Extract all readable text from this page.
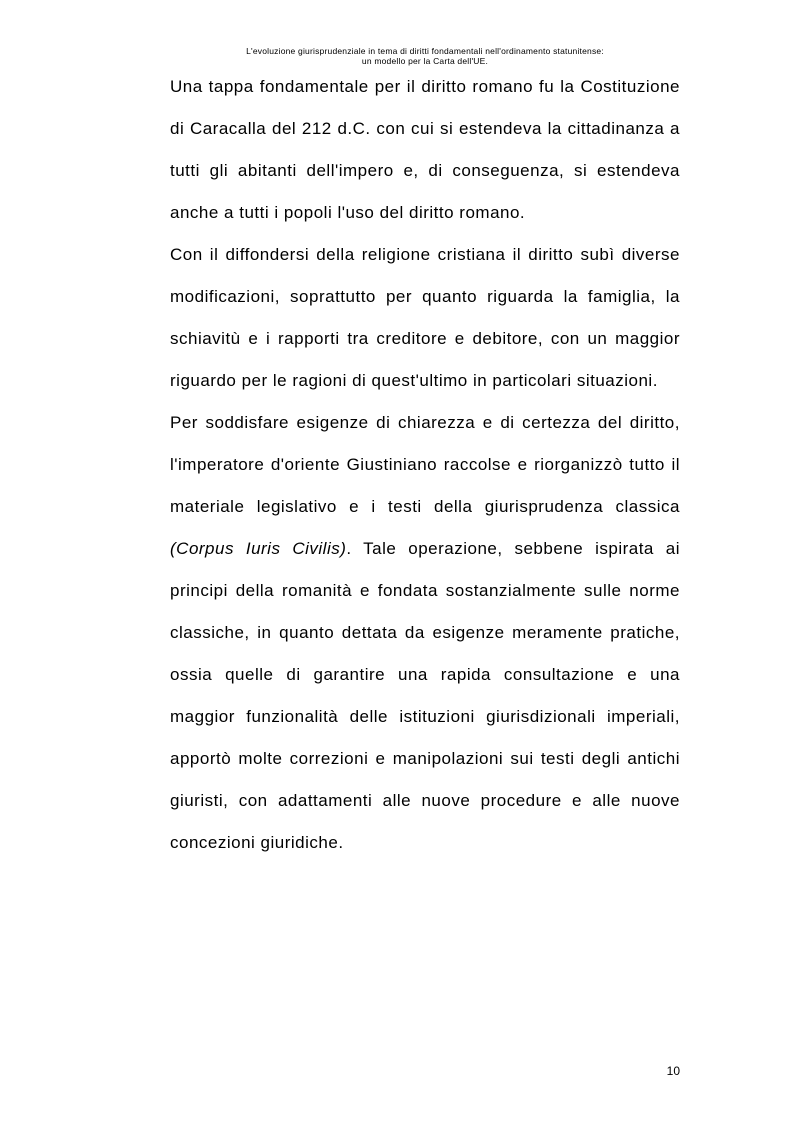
L'evoluzione giurisprudenziale in tema di diritti fondamentali nell'ordinamento statunitense:
un modello per la Carta dell'UE.

Una tappa fondamentale per il diritto romano fu la Costituzione di Caracalla del 212 d.C. con cui si estendeva la cittadinanza a tutti gli abitanti dell'impero e, di conseguenza, si estendeva anche a tutti i popoli l'uso del diritto romano.

Con il diffondersi della religione cristiana il diritto subì diverse modificazioni, soprattutto per quanto riguarda la famiglia, la schiavitù e i rapporti tra creditore e debitore, con un maggior riguardo per le ragioni di quest'ultimo in particolari situazioni.

Per soddisfare esigenze di chiarezza e di certezza del diritto, l'imperatore d'oriente Giustiniano raccolse e riorganizzò tutto il materiale legislativo e i testi della giurisprudenza classica (Corpus Iuris Civilis). Tale operazione, sebbene ispirata ai principi della romanità e fondata sostanzialmente sulle norme classiche, in quanto dettata da esigenze meramente pratiche, ossia quelle di garantire una rapida consultazione e una maggior funzionalità delle istituzioni giurisdizionali imperiali, apportò molte correzioni e manipolazioni sui testi degli antichi giuristi, con adattamenti alle nuove procedure e alle nuove concezioni giuridiche.

10
